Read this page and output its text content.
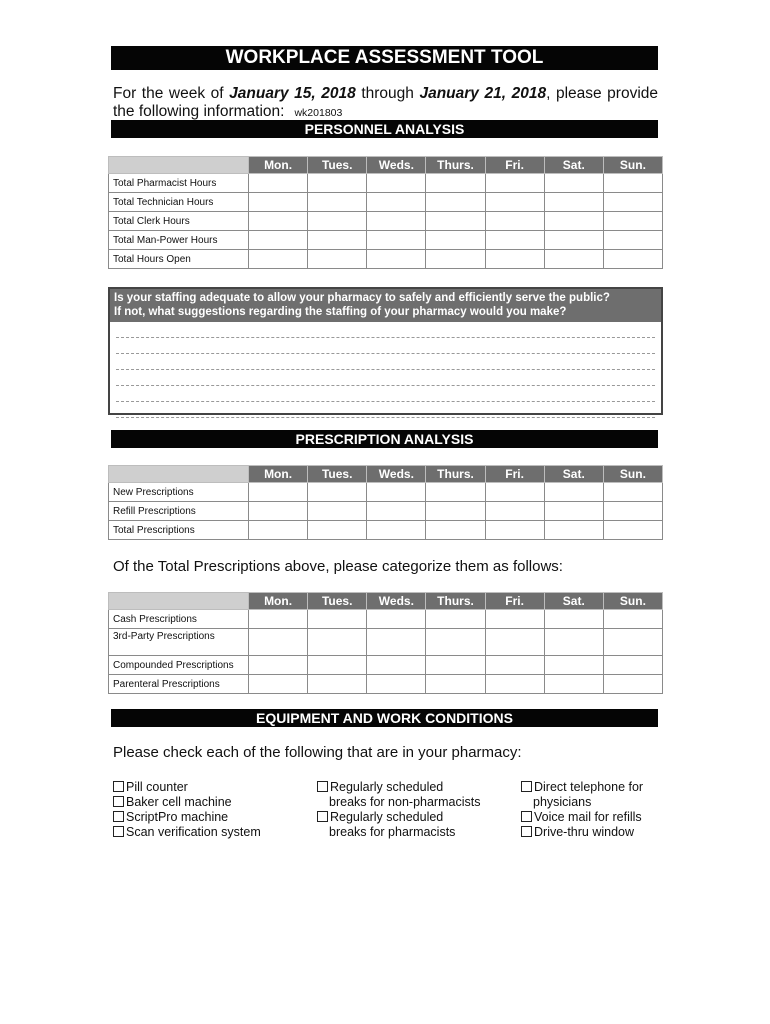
WORKPLACE ASSESSMENT TOOL
For the week of January 15, 2018 through January 21, 2018, please provide
the following information: wk201803
PERSONNEL ANALYSIS
	Mon.	Tues.	Weds.	Thurs.	Fri.	Sat.	Sun.
Total Pharmacist Hours							
Total Technician Hours							
Total Clerk Hours							
Total Man-Power Hours							
Total Hours Open							
Is your staffing adequate to allow your pharmacy to safely and efficiently serve the public?
If not, what suggestions regarding the staffing of your pharmacy would you make?
PRESCRIPTION ANALYSIS
	Mon.	Tues.	Weds.	Thurs.	Fri.	Sat.	Sun.
New Prescriptions							
Refill Prescriptions							
Total Prescriptions							
Of the Total Prescriptions above, please categorize them as follows:
	Mon.	Tues.	Weds.	Thurs.	Fri.	Sat.	Sun.
Cash Prescriptions							
3rd-Party Prescriptions							
Compounded Prescriptions							
Parenteral Prescriptions							
EQUIPMENT AND WORK CONDITIONS
Please check each of the following that are in your pharmacy:
Pill counter
Baker cell machine
ScriptPro machine
Scan verification system
Regularly scheduled
breaks for non-pharmacists
Regularly scheduled
breaks for pharmacists
Direct telephone for
physicians
Voice mail for refills
Drive-thru window
